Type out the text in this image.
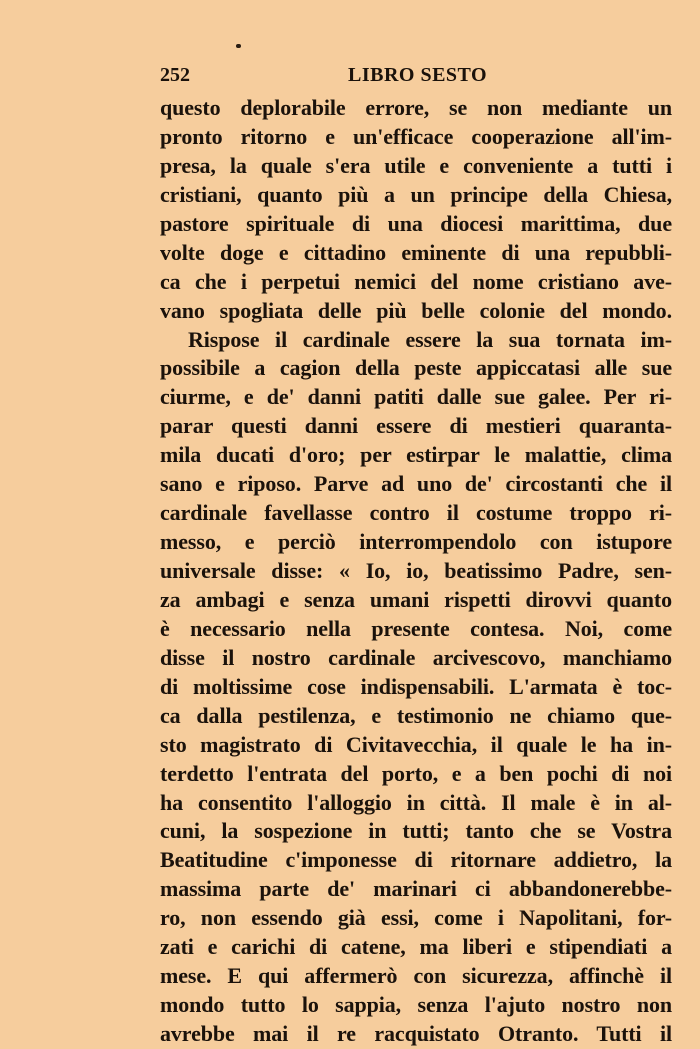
252	LIBRO SESTO
questo deplorabile errore, se non mediante un
pronto ritorno e un'efficace cooperazione all'im-
presa, la quale s'era utile e conveniente a tutti i
cristiani, quanto più a un principe della Chiesa,
pastore spirituale di una diocesi marittima, due
volte doge e cittadino eminente di una repubbli-
ca che i perpetui nemici del nome cristiano ave-
vano spogliata delle più belle colonie del mondo.
Rispose il cardinale essere la sua tornata im-
possibile a cagion della peste appiccatasi alle sue
ciurme, e de' danni patiti dalle sue galee. Per ri-
parar questi danni essere di mestieri quaranta-
mila ducati d'oro; per estirpar le malattie, clima
sano e riposo. Parve ad uno de' circostanti che il
cardinale favellasse contro il costume troppo ri-
messo, e perciò interrompendolo con istupore
universale disse: « Io, io, beatissimo Padre, sen-
za ambagi e senza umani rispetti dirovvi quanto
è necessario nella presente contesa. Noi, come
disse il nostro cardinale arcivescovo, manchiamo
di moltissime cose indispensabili. L'armata è toc-
ca dalla pestilenza, e testimonio ne chiamo que-
sto magistrato di Civitavecchia, il quale le ha in-
terdetto l'entrata del porto, e a ben pochi di noi
ha consentito l'alloggio in città. Il male è in al-
cuni, la sospezione in tutti; tanto che se Vostra
Beatitudine c'imponesse di ritornare addietro, la
massima parte de' marinari ci abbandonerebbe-
ro, non essendo già essi, come i Napolitani, for-
zati e carichi di catene, ma liberi e stipendiati a
mese. E qui affermerò con sicurezza, affinchè il
mondo tutto lo sappia, senza l'ajuto nostro non
avrebbe mai il re racquistato Otranto. Tutti il
